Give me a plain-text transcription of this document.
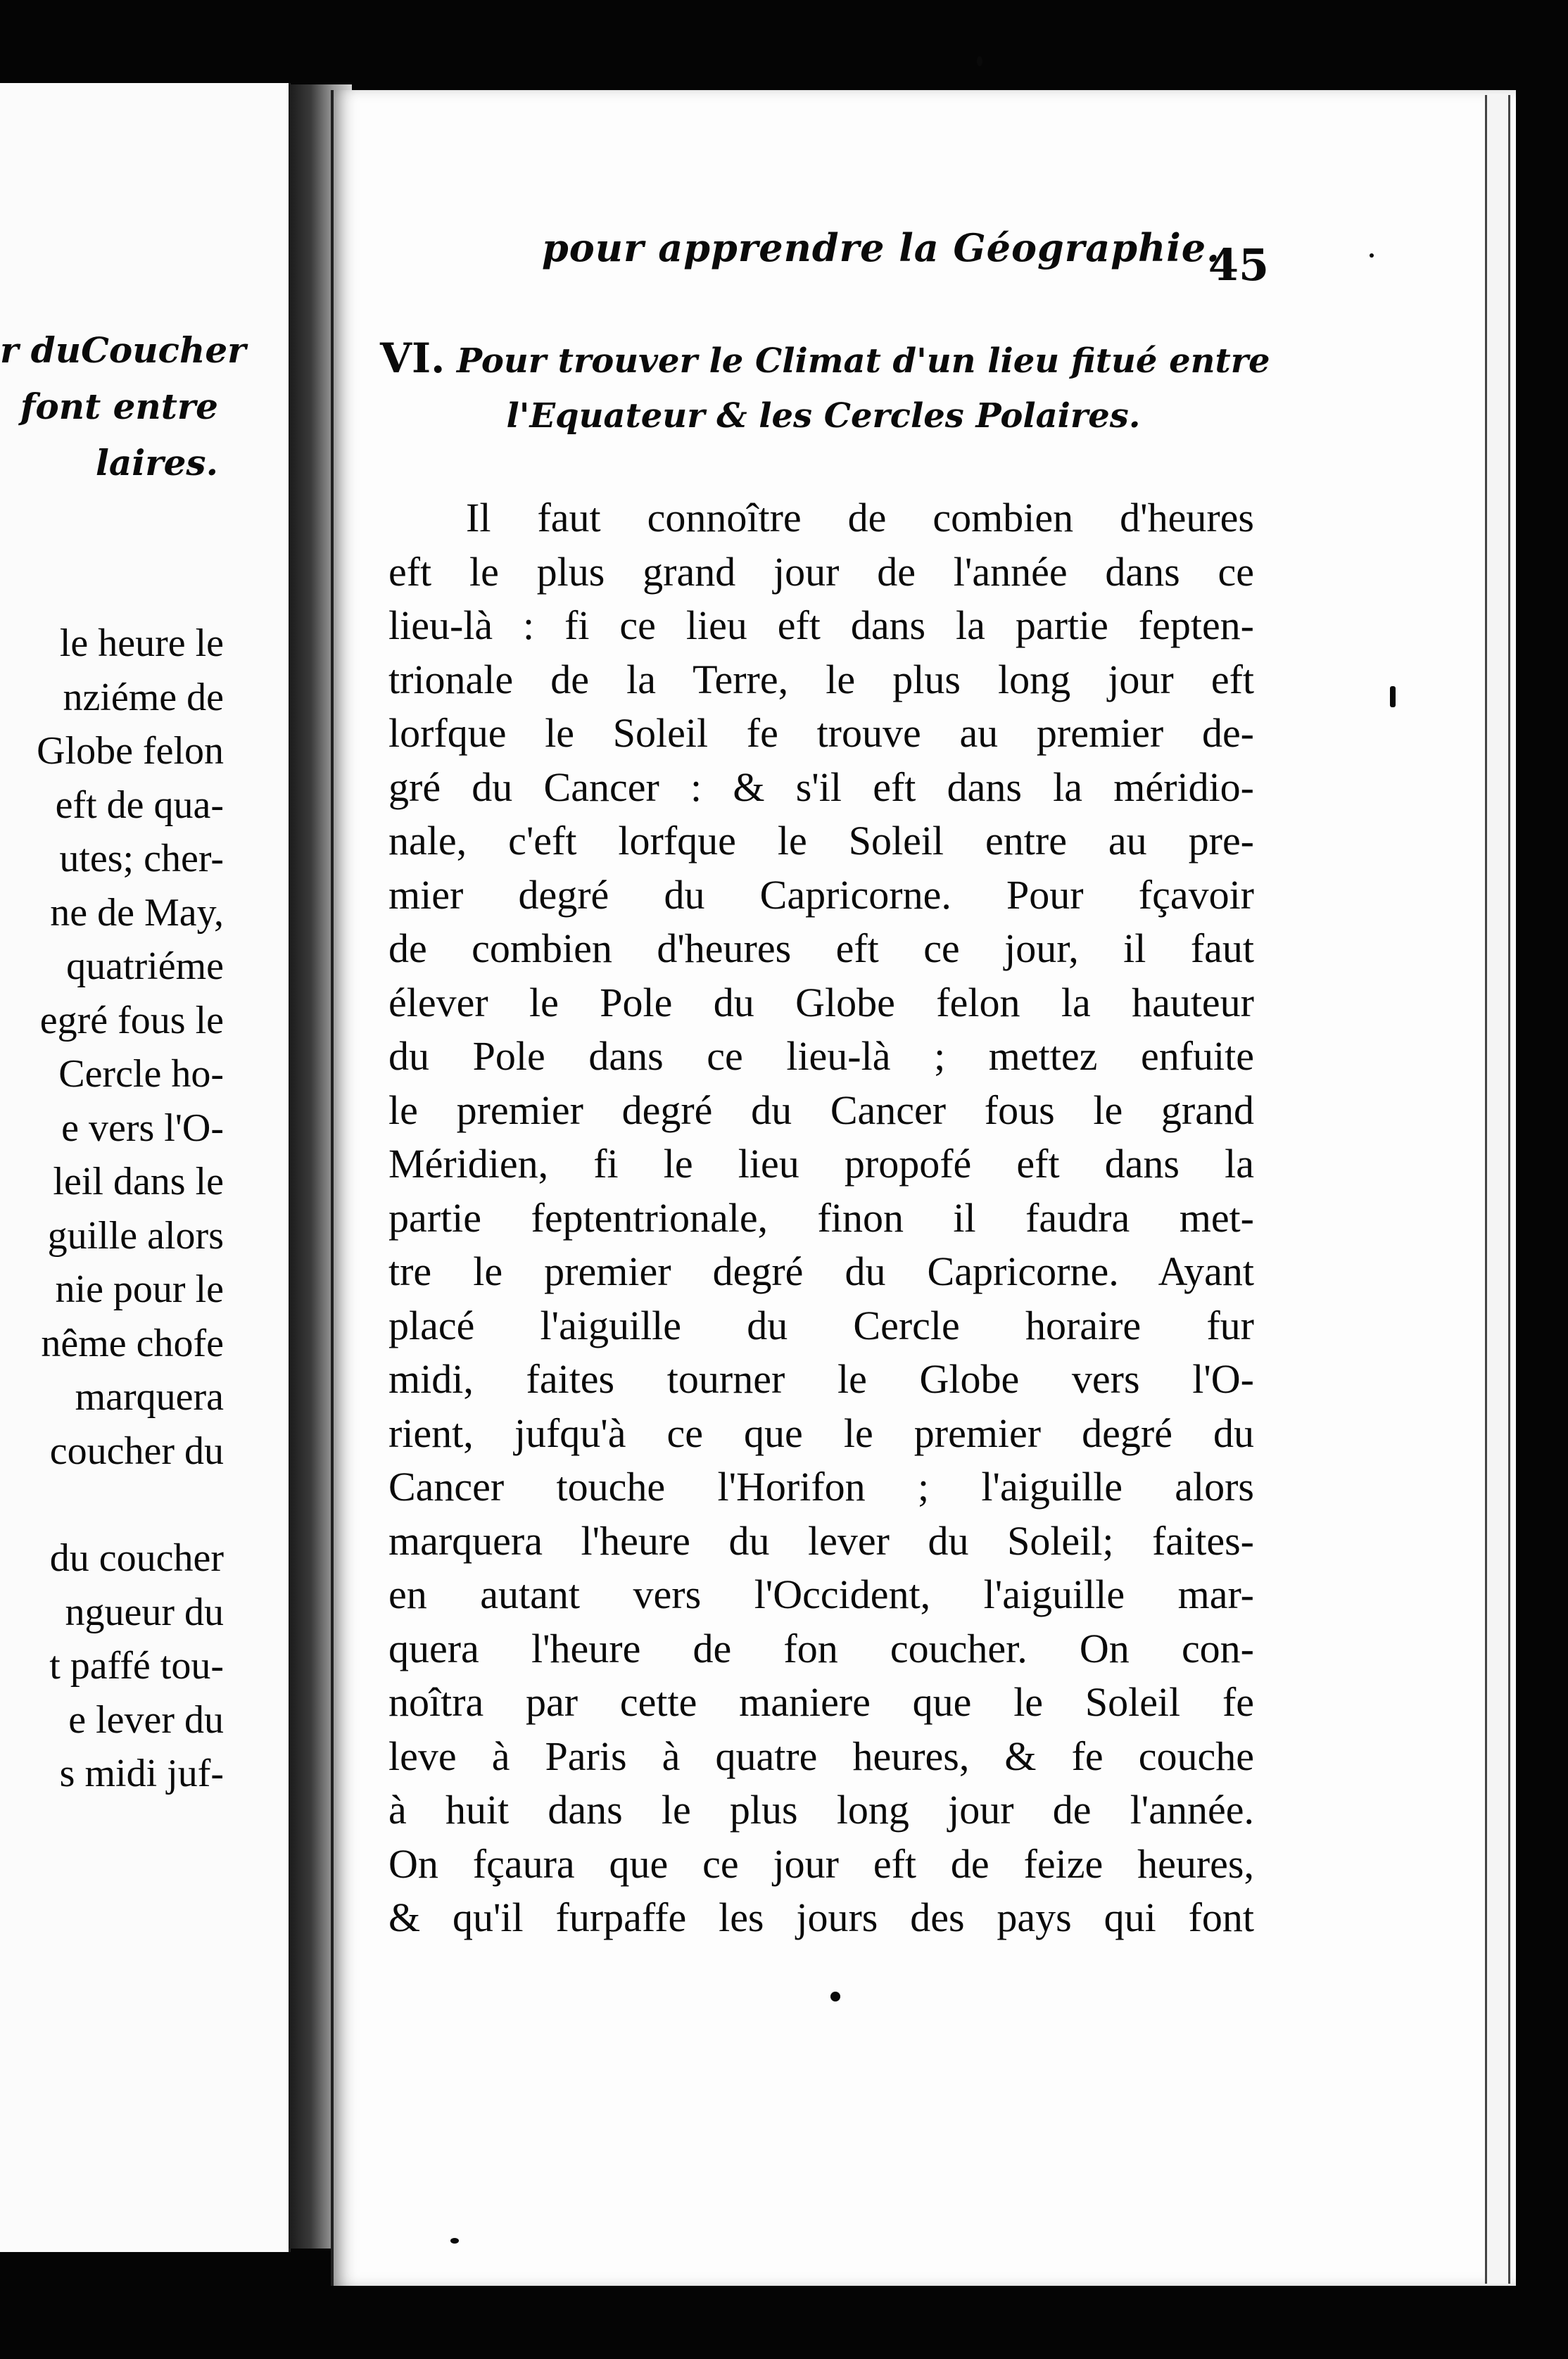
r duCoucher
font entre
laires.
le heure le
nziéme de
Globe felon
eft de qua-
utes; cher-
ne de May,
quatriéme
egré fous le
Cercle ho-
e vers l'O-
leil dans le
guille alors
nie pour le
nême chofe
marquera
coucher du
du coucher
ngueur du
t paffé tou-
e lever du
s midi juf-
pour apprendre la Géographie.
45
VI. Pour trouver le Climat d'un lieu fitué entre
l'Equateur & les Cercles Polaires.
Il faut connoître de combien d'heures
eft le plus grand jour de l'année dans ce
lieu-là : fi ce lieu eft dans la partie fepten-
trionale de la Terre, le plus long jour eft
lorfque le Soleil fe trouve au premier de-
gré du Cancer : & s'il eft dans la méridio-
nale, c'eft lorfque le Soleil entre au pre-
mier degré du Capricorne. Pour fçavoir
de combien d'heures eft ce jour, il faut
élever le Pole du Globe felon la hauteur
du Pole dans ce lieu-là ; mettez enfuite
le premier degré du Cancer fous le grand
Méridien, fi le lieu propofé eft dans la
partie feptentrionale, finon il faudra met-
tre le premier degré du Capricorne. Ayant
placé l'aiguille du Cercle horaire fur
midi, faites tourner le Globe vers l'O-
rient, jufqu'à ce que le premier degré du
Cancer touche l'Horifon ; l'aiguille alors
marquera l'heure du lever du Soleil; faites-
en autant vers l'Occident, l'aiguille mar-
quera l'heure de fon coucher. On con-
noîtra par cette maniere que le Soleil fe
leve à Paris à quatre heures, & fe couche
à huit dans le plus long jour de l'année.
On fçaura que ce jour eft de feize heures,
& qu'il furpaffe les jours des pays qui font
